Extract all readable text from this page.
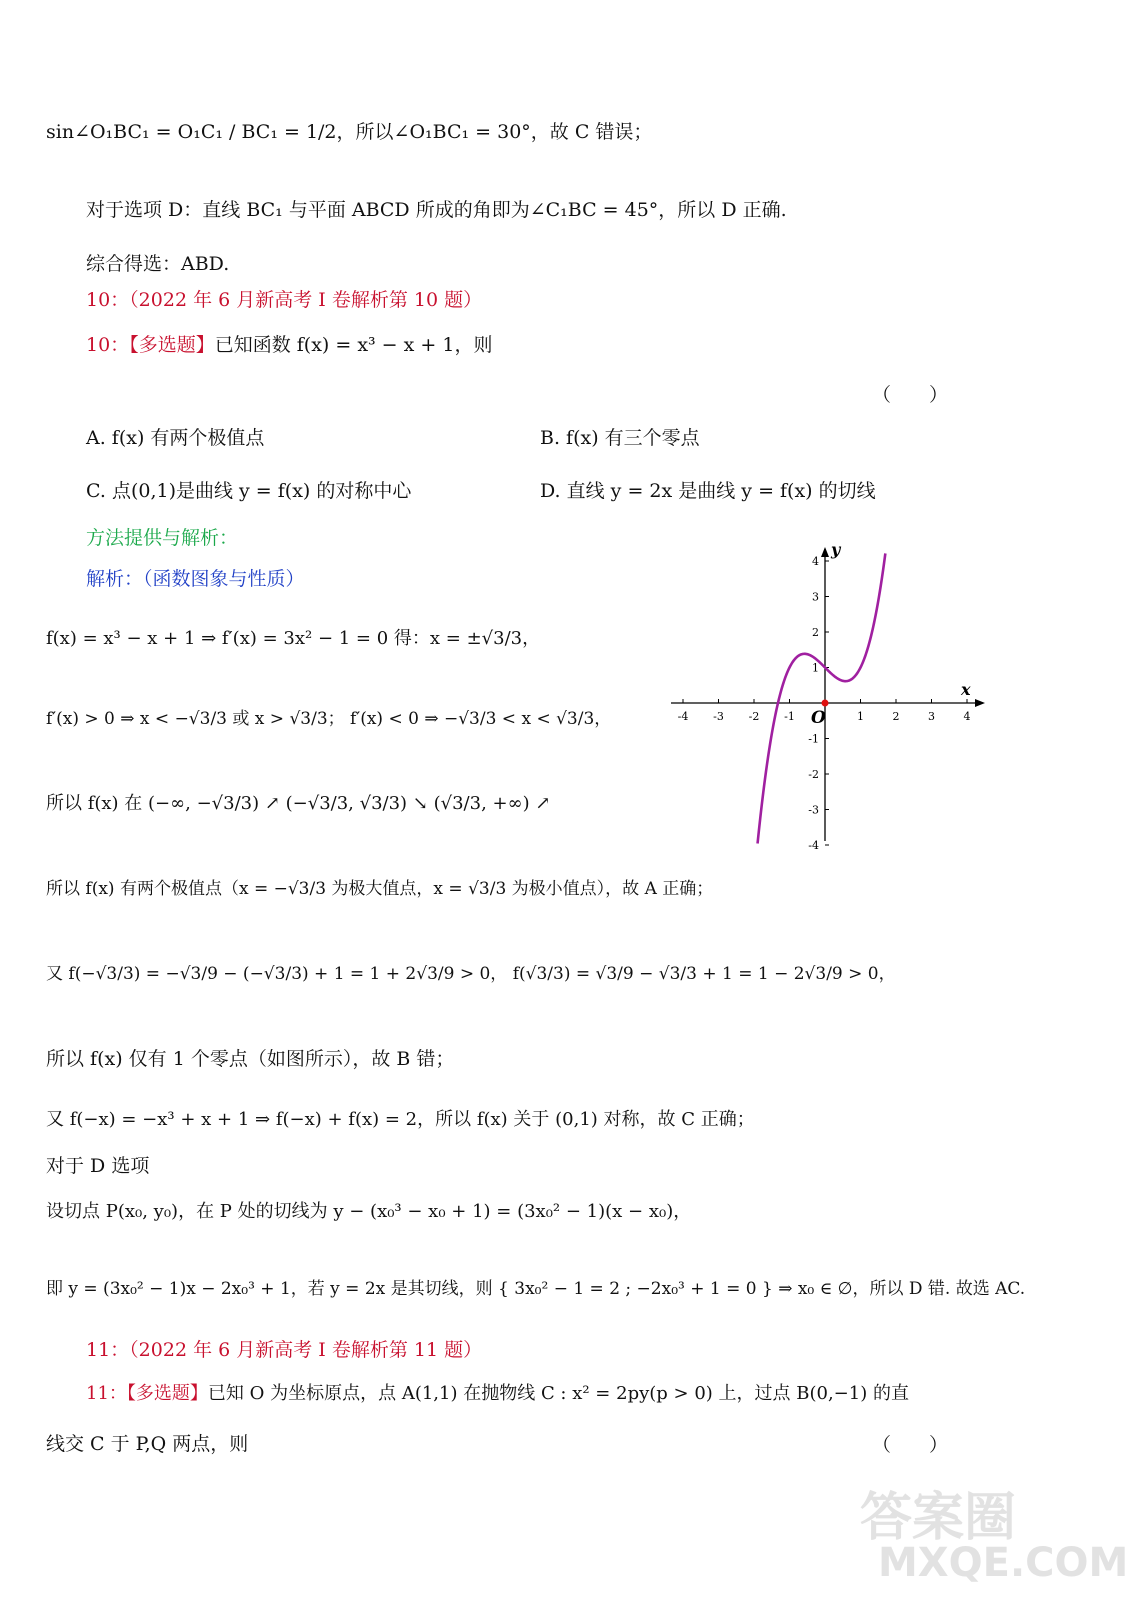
sin∠O₁BC₁ = O₁C₁ / BC₁ = 1/2，所以∠O₁BC₁ = 30°，故 C 错误；
对于选项 D：直线 BC₁ 与平面 ABCD 所成的角即为∠C₁BC = 45°，所以 D 正确.
综合得选：ABD.
10：（2022 年 6 月新高考 I 卷解析第 10 题）
10：【多选题】已知函数 f(x) = x³ − x + 1，则
（　　）
A. f(x) 有两个极值点	B. f(x) 有三个零点
C. 点(0,1)是曲线 y = f(x) 的对称中心	D. 直线 y = 2x 是曲线 y = f(x) 的切线
方法提供与解析：
解析：（函数图象与性质）
f(x) = x³ − x + 1 ⇒ f′(x) = 3x² − 1 = 0 得：x = ±√3/3，
f′(x) > 0 ⇒ x < −√3/3 或 x > √3/3； f′(x) < 0 ⇒ −√3/3 < x < √3/3，
所以 f(x) 在 (−∞, −√3/3) ↗ (−√3/3, √3/3) ↘ (√3/3, +∞) ↗
所以 f(x) 有两个极值点（x = −√3/3 为极大值点，x = √3/3 为极小值点），故 A 正确；
又 f(−√3/3) = −√3/9 − (−√3/3) + 1 = 1 + 2√3/9 > 0， f(√3/3) = √3/9 − √3/3 + 1 = 1 − 2√3/9 > 0，
所以 f(x) 仅有 1 个零点（如图所示），故 B 错；
又 f(−x) = −x³ + x + 1 ⇒ f(−x) + f(x) = 2，所以 f(x) 关于 (0,1) 对称，故 C 正确；
对于 D 选项
设切点 P(x₀, y₀)，在 P 处的切线为 y − (x₀³ − x₀ + 1) = (3x₀² − 1)(x − x₀)，
即 y = (3x₀² − 1)x − 2x₀³ + 1，若 y = 2x 是其切线，则 { 3x₀² − 1 = 2 ; −2x₀³ + 1 = 0 } ⇒ x₀ ∈ ∅，所以 D 错. 故选 AC.
11：（2022 年 6 月新高考 I 卷解析第 11 题）
11：【多选题】已知 O 为坐标原点，点 A(1,1) 在抛物线 C : x² = 2py(p > 0) 上，过点 B(0,−1) 的直
线交 C 于 P,Q 两点，则	（　　）
-4 -3 -2 -1	1	2	3	4
4
3
2
1
-1
-2
-3
-4
x
y
O
答案圈
MXQE.COM
